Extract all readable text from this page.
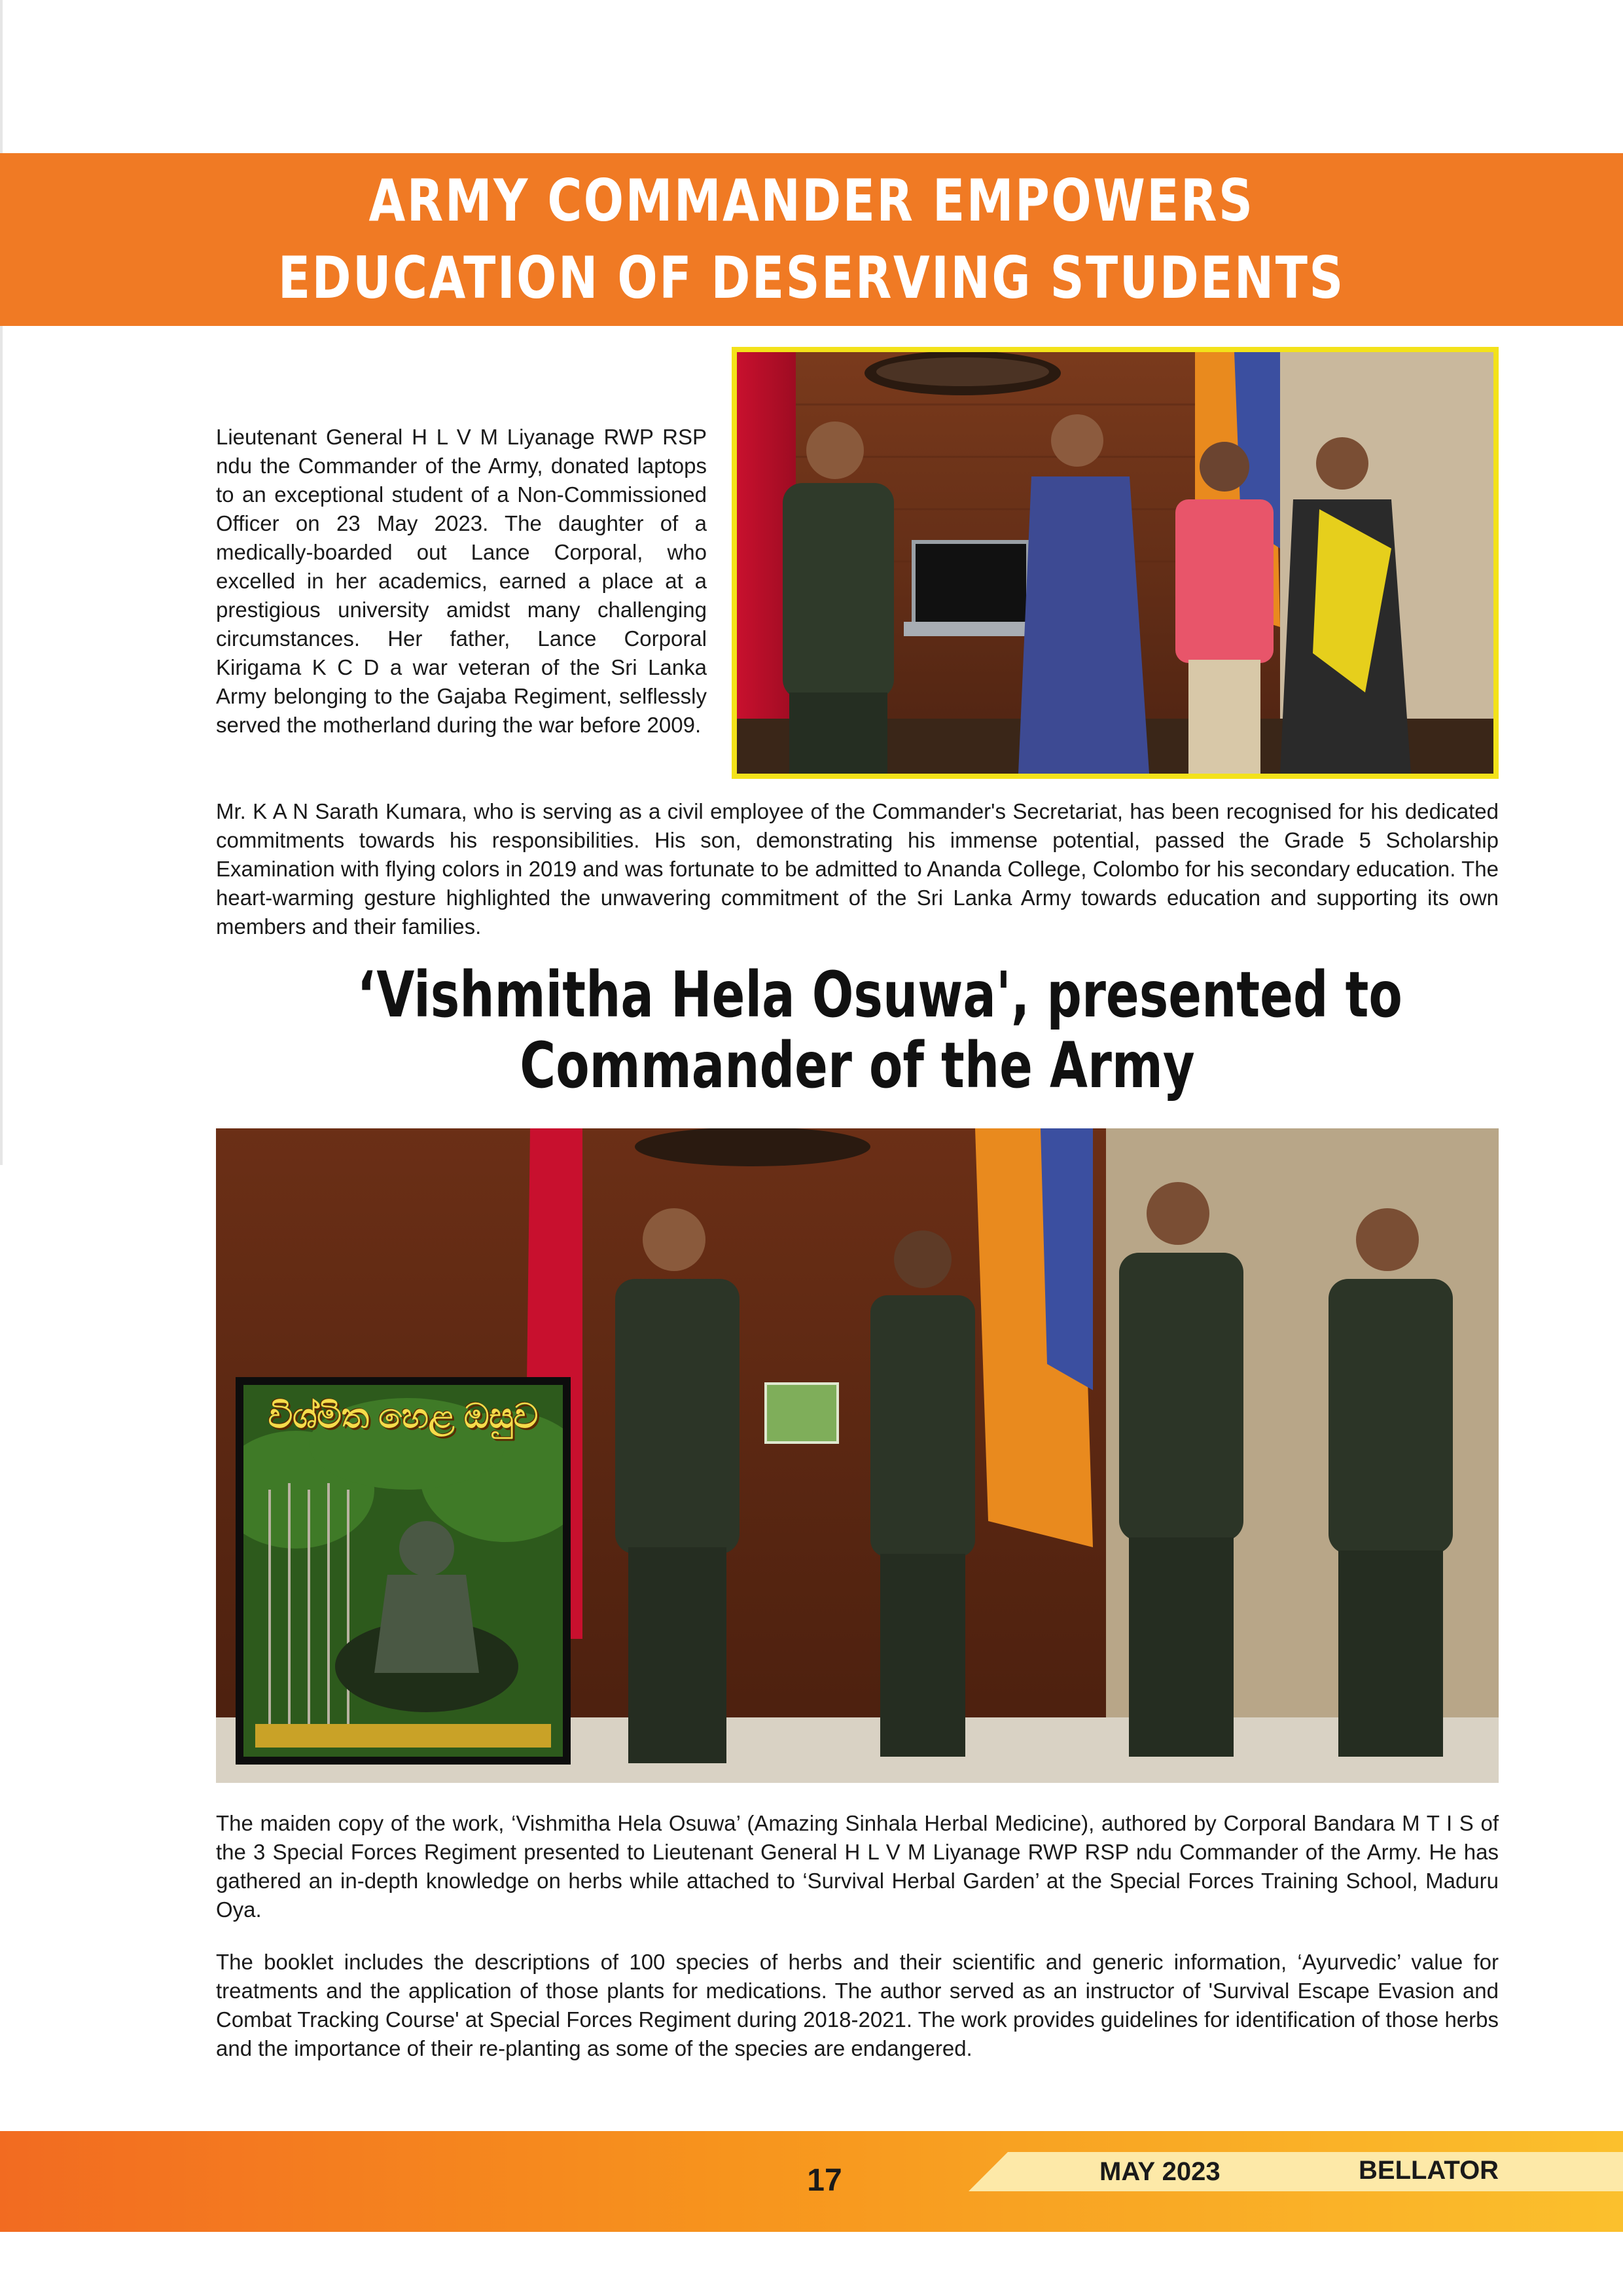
ARMY COMMANDER EMPOWERS
EDUCATION OF DESERVING STUDENTS

Lieutenant General H L V M Liyanage RWP RSP ndu the Commander of the Army, donated laptops to an exceptional student of a Non-Commissioned Officer on 23 May 2023. The daughter of a medically-boarded out Lance Corporal, who excelled in her academics, earned a place at a prestigious university amidst many challenging circumstances. Her father, Lance Corporal Kirigama K C D a war veteran of the Sri Lanka Army belonging to the Gajaba Regiment, selflessly served the motherland during the war before 2009.

Mr. K A N Sarath Kumara, who is serving as a civil employee of the Commander's Secretariat, has been recognised for his dedicated commitments towards his responsibilities. His son, demonstrating his immense potential, passed the Grade 5 Scholarship Examination with flying colors in 2019 and was fortunate to be admitted to Ananda College, Colombo for his secondary education. The heart-warming gesture highlighted the unwavering commitment of the Sri Lanka Army towards education and supporting its own members and their families.

‘Vishmitha Hela Osuwa', presented to
Commander of the Army
විශ්මිත හෙළ ඔසුව

The maiden copy of the work, ‘Vishmitha Hela Osuwa’ (Amazing Sinhala Herbal Medicine), authored by Corporal Bandara M T I S of the 3 Special Forces Regiment presented to Lieutenant General H L V M Liyanage RWP RSP ndu Commander of the Army. He has gathered an in-depth knowledge on herbs while attached to ‘Survival Herbal Garden’ at the Special Forces Training School, Maduru Oya.

The booklet includes the descriptions of 100 species of herbs and their scientific and generic information, ‘Ayurvedic’ value for treatments and the application of those plants for medications. The author served as an instructor of 'Survival Escape Evasion and Combat Tracking Course' at Special Forces Regiment during 2018-2021. The work provides guidelines for identification of those herbs and the importance of their re-planting as some of the species are endangered.

17	MAY 2023	BELLATOR
